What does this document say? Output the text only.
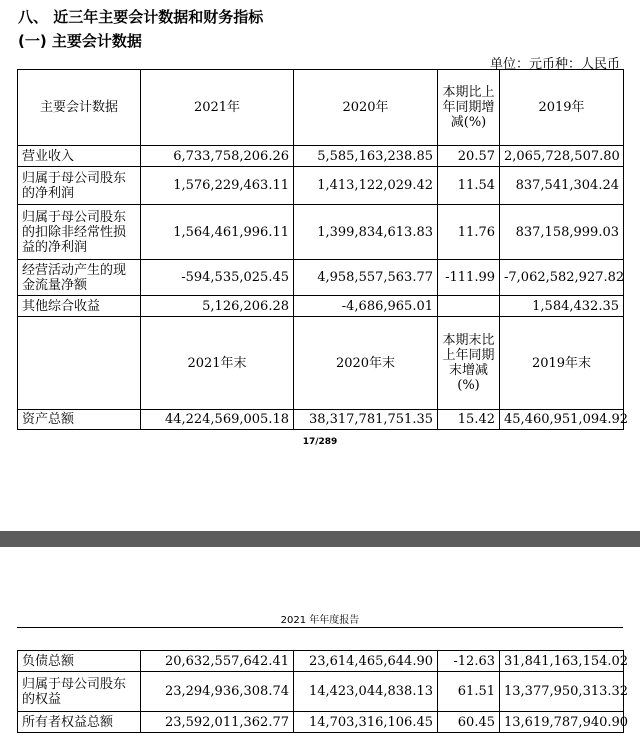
八、 近三年主要会计数据和财务指标
(一) 主要会计数据
单位：元币种：人民币
主要会计数据	2021年	2020年	本期比上年同期增减(%)	2019年
营业收入	6,733,758,206.26	5,585,163,238.85	20.57	2,065,728,507.80
归属于母公司股东的净利润	1,576,229,463.11	1,413,122,029.42	11.54	837,541,304.24
归属于母公司股东的扣除非经常性损益的净利润	1,564,461,996.11	1,399,834,613.83	11.76	837,158,999.03
经营活动产生的现金流量净额	-594,535,025.45	4,958,557,563.77	-111.99	-7,062,582,927.82
其他综合收益	5,126,206.28	-4,686,965.01		1,584,432.35
	2021年末	2020年末	本期末比上年同期末增减(%)	2019年末
资产总额	44,224,569,005.18	38,317,781,751.35	15.42	45,460,951,094.92
17/289
2021 年年度报告
负债总额	20,632,557,642.41	23,614,465,644.90	-12.63	31,841,163,154.02
归属于母公司股东的权益	23,294,936,308.74	14,423,044,838.13	61.51	13,377,950,313.32
所有者权益总额	23,592,011,362.77	14,703,316,106.45	60.45	13,619,787,940.90
